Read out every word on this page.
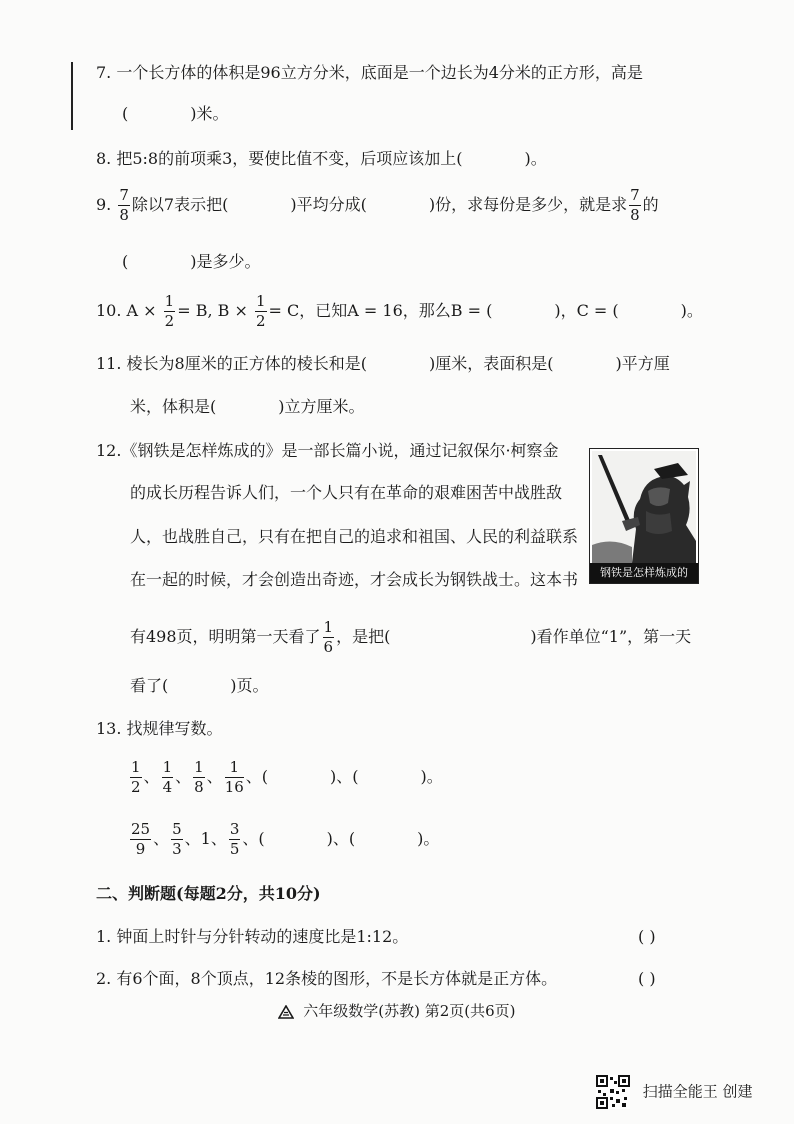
7. 一个长方体的体积是96立方分米，底面是一个边长为4分米的正方形，高是
(	)米。
8. 把5:8的前项乘3，要使比值不变，后项应该加上(	)。
9. $\frac{7}{8}$ 除以7表示把(	)平均分成(	)份，求每份是多少，就是求 $\frac{7}{8}$ 的
(	)是多少。
10. $A \times \frac{1}{2} = B$, $B \times \frac{1}{2} = C$，已知A = 16，那么B = (	)，C = (	)。
11. 棱长为8厘米的正方体的棱长和是(	)厘米，表面积是(	)平方厘
米，体积是(	)立方厘米。
12.《钢铁是怎样炼成的》是一部长篇小说，通过记叙保尔·柯察金
的成长历程告诉人们，一个人只有在革命的艰难困苦中战胜敌
人，也战胜自己，只有在把自己的追求和祖国、人民的利益联系
在一起的时候，才会创造出奇迹，才会成长为钢铁战士。这本书
有498页，明明第一天看了 $\frac{1}{6}$ ，是把(	)看作单位“1”，第一天
看了(	)页。
钢铁是怎样炼成的
13. 找规律写数。
$\frac{1}{2}$ 、 $\frac{1}{4}$ 、 $\frac{1}{8}$ 、 $\frac{1}{16}$ 、(	)、(	)。
$\frac{25}{9}$ 、 $\frac{5}{3}$ 、1、 $\frac{3}{5}$ 、(	)、(	)。
二、判断题(每题2分，共10分)
1. 钟面上时针与分针转动的速度比是1:12。	( )
2. 有6个面，8个顶点，12条棱的图形，不是长方体就是正方体。	( )
六年级数学(苏教) 第2页(共6页)
扫描全能王 创建
